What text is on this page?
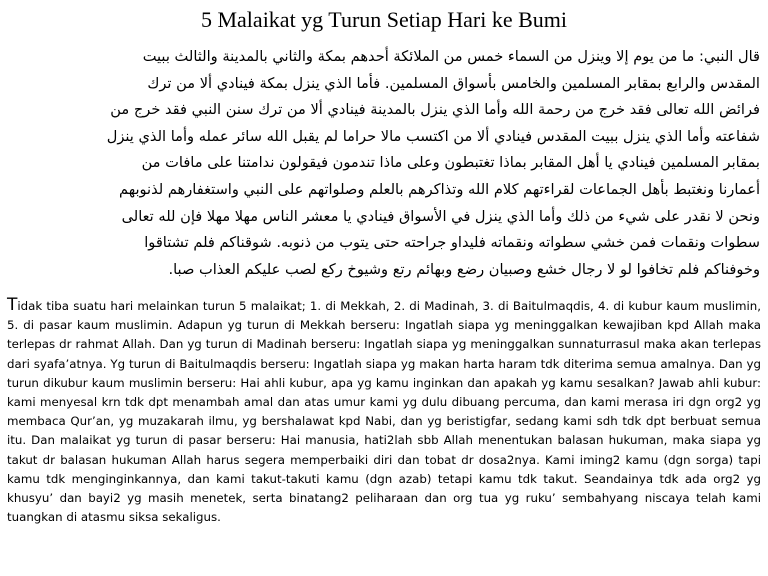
5 Malaikat yg Turun Setiap Hari ke Bumi
قال النبي: ما من يوم إلا وينزل من السماء خمس من الملائكة أحدهم بمكة والثاني بالمدينة والثالث ببيت
المقدس والرابع بمقابر المسلمين والخامس بأسواق المسلمين. فأما الذي ينزل بمكة فينادي ألا من ترك
فرائض الله تعالى فقد خرج من رحمة الله وأما الذي ينزل بالمدينة فينادي ألا من ترك سنن النبي فقد خرج من
شفاعته وأما الذي ينزل ببيت المقدس فينادي ألا من اكتسب مالا حراما لم يقبل الله سائر عمله وأما الذي ينزل
بمقابر المسلمين فينادي يا أهل المقابر بماذا تغتبطون وعلى ماذا تندمون فيقولون ندامتنا على مافات من
أعمارنا ونغتبط بأهل الجماعات لقراءتهم كلام الله وتذاكرهم بالعلم وصلواتهم على النبي واستغفارهم لذنوبهم
ونحن لا نقدر على شيء من ذلك وأما الذي ينزل في الأسواق فينادي يا معشر الناس مهلا مهلا فإن لله تعالى
سطوات ونقمات فمن خشي سطواته ونقماته فليداو جراحته حتى يتوب من ذنوبه. شوقناكم فلم تشتاقوا
وخوفناكم فلم تخافوا لو لا رجال خشع وصبيان رضع وبهائم رتع وشيوخ ركع لصب عليكم العذاب صبا.
Tidak tiba suatu hari melainkan turun 5 malaikat; 1. di Mekkah, 2. di Madinah, 3. di Baitulmaqdis, 4. di kubur kaum muslimin, 5. di pasar kaum muslimin. Adapun yg turun di Mekkah berseru: Ingatlah siapa yg meninggalkan kewajiban kpd Allah maka terlepas dr rahmat Allah. Dan yg turun di Madinah berseru: Ingatlah siapa yg meninggalkan sunnaturrasul maka akan terlepas dari syafa’atnya. Yg turun di Baitulmaqdis berseru: Ingatlah siapa yg makan harta haram tdk diterima semua amalnya. Dan yg turun dikubur kaum muslimin berseru: Hai ahli kubur, apa yg kamu inginkan dan apakah yg kamu sesalkan? Jawab ahli kubur: kami menyesal krn tdk dpt menambah amal dan atas umur kami yg dulu dibuang percuma, dan kami merasa iri dgn org2 yg membaca Qur’an, yg muzakarah ilmu, yg bershalawat kpd Nabi, dan yg beristigfar, sedang kami sdh tdk dpt berbuat semua itu. Dan malaikat yg turun di pasar berseru: Hai manusia, hati2lah sbb Allah menentukan balasan hukuman, maka siapa yg takut dr balasan hukuman Allah harus segera memperbaiki diri dan tobat dr dosa2nya. Kami iming2 kamu (dgn sorga) tapi kamu tdk menginginkannya, dan kami takut-takuti kamu (dgn azab) tetapi kamu tdk takut. Seandainya tdk ada org2 yg khusyu’ dan bayi2 yg masih menetek, serta binatang2 peliharaan dan org tua yg ruku’ sembahyang niscaya telah kami tuangkan di atasmu siksa sekaligus.
